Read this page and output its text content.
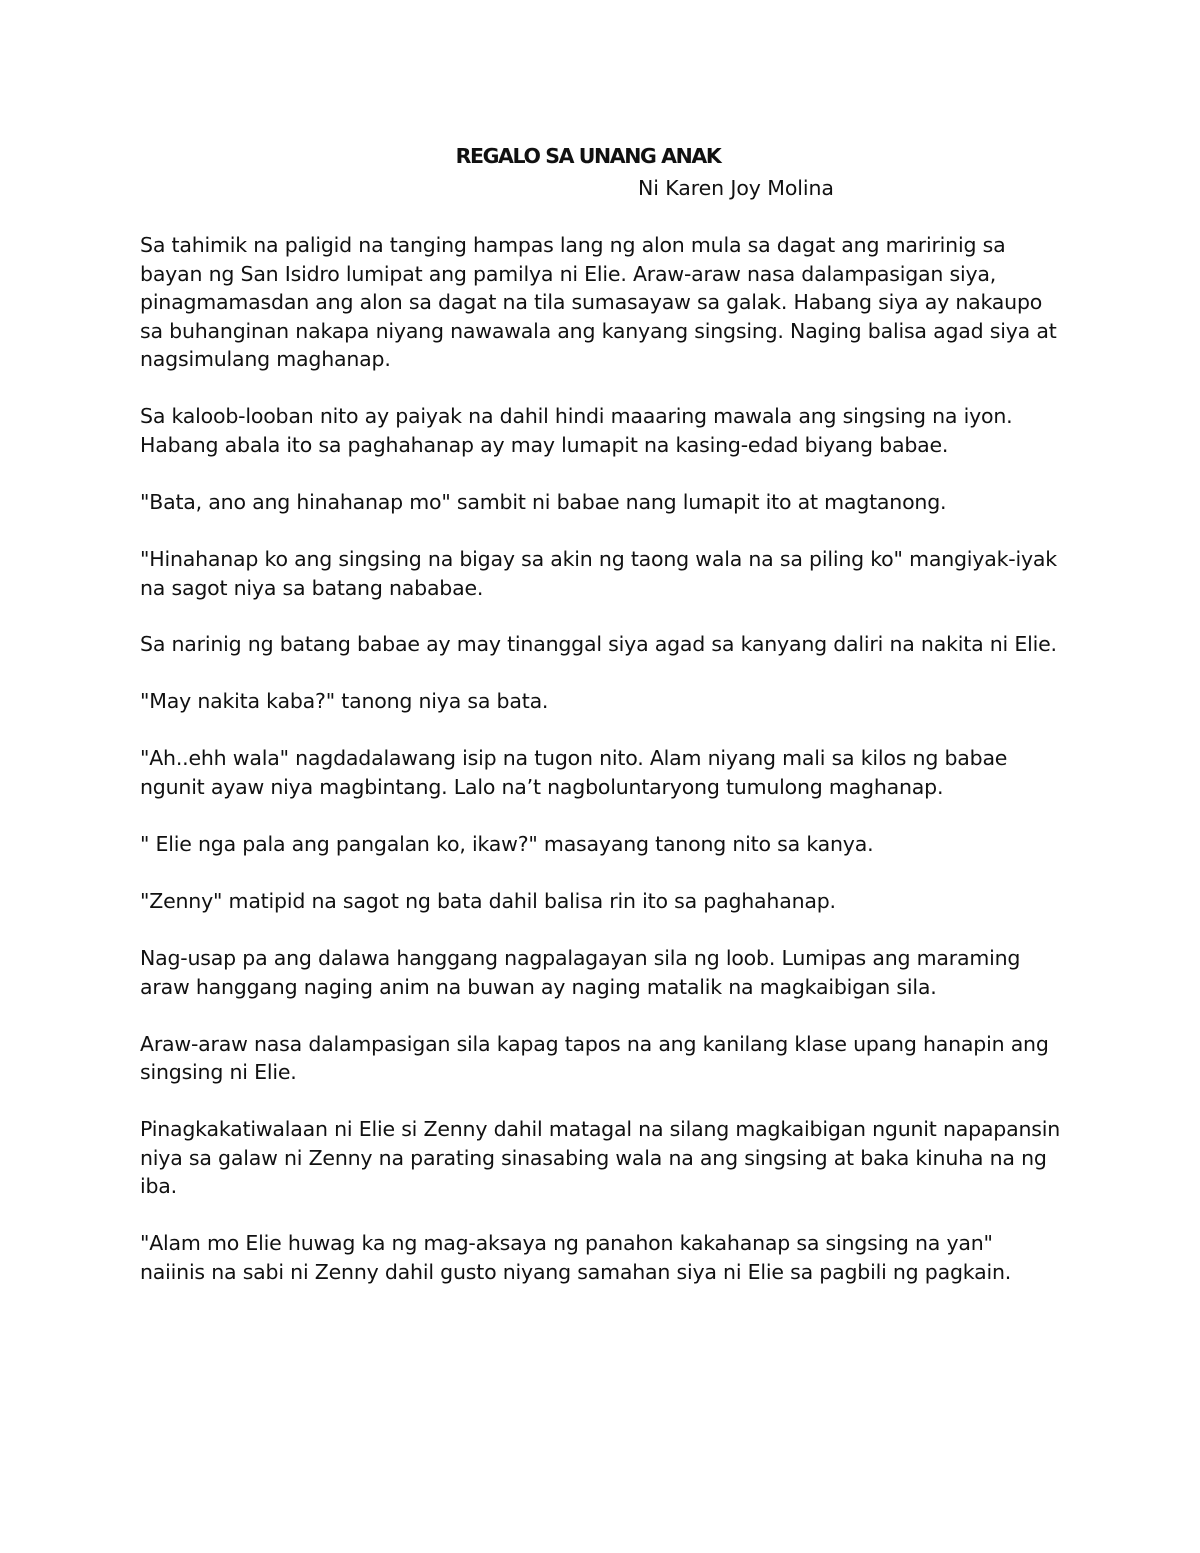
REGALO SA UNANG ANAK

Ni Karen Joy Molina

Sa tahimik na paligid na tanging hampas lang ng alon mula sa dagat ang maririnig sa bayan ng San Isidro lumipat ang pamilya ni Elie. Araw-araw nasa dalampasigan siya, pinagmamasdan ang alon sa dagat na tila sumasayaw sa galak. Habang siya ay nakaupo sa buhanginan nakapa niyang nawawala ang kanyang singsing. Naging balisa agad siya at nagsimulang maghanap.

Sa kaloob-looban nito ay paiyak na dahil hindi maaaring mawala ang singsing na iyon. Habang abala ito sa paghahanap ay may lumapit na kasing-edad biyang babae.

"Bata, ano ang hinahanap mo" sambit ni babae nang lumapit ito at magtanong.

"Hinahanap ko ang singsing na bigay sa akin ng taong wala na sa piling ko" mangiyak-iyak na sagot niya sa batang nababae.

Sa narinig ng batang babae ay may tinanggal siya agad sa kanyang daliri na nakita ni Elie.

"May nakita kaba?" tanong niya sa bata.

"Ah..ehh wala" nagdadalawang isip na tugon nito. Alam niyang mali sa kilos ng babae ngunit ayaw niya magbintang. Lalo na’t nagboluntaryong tumulong maghanap.

" Elie nga pala ang pangalan ko, ikaw?" masayang tanong nito sa kanya.

"Zenny" matipid na sagot ng bata dahil balisa rin ito sa paghahanap.

Nag-usap pa ang dalawa hanggang nagpalagayan sila ng loob. Lumipas ang maraming araw hanggang naging anim na buwan ay naging matalik na magkaibigan sila.

Araw-araw nasa dalampasigan sila kapag tapos na ang kanilang klase upang hanapin ang singsing ni Elie.

Pinagkakatiwalaan ni Elie si Zenny dahil matagal na silang magkaibigan ngunit napapansin niya sa galaw ni Zenny na parating sinasabing wala na ang singsing at baka kinuha na ng iba.

"Alam mo Elie huwag ka ng mag-aksaya ng panahon kakahanap sa singsing na yan" naiinis na sabi ni Zenny dahil gusto niyang samahan siya ni Elie sa pagbili ng pagkain.
